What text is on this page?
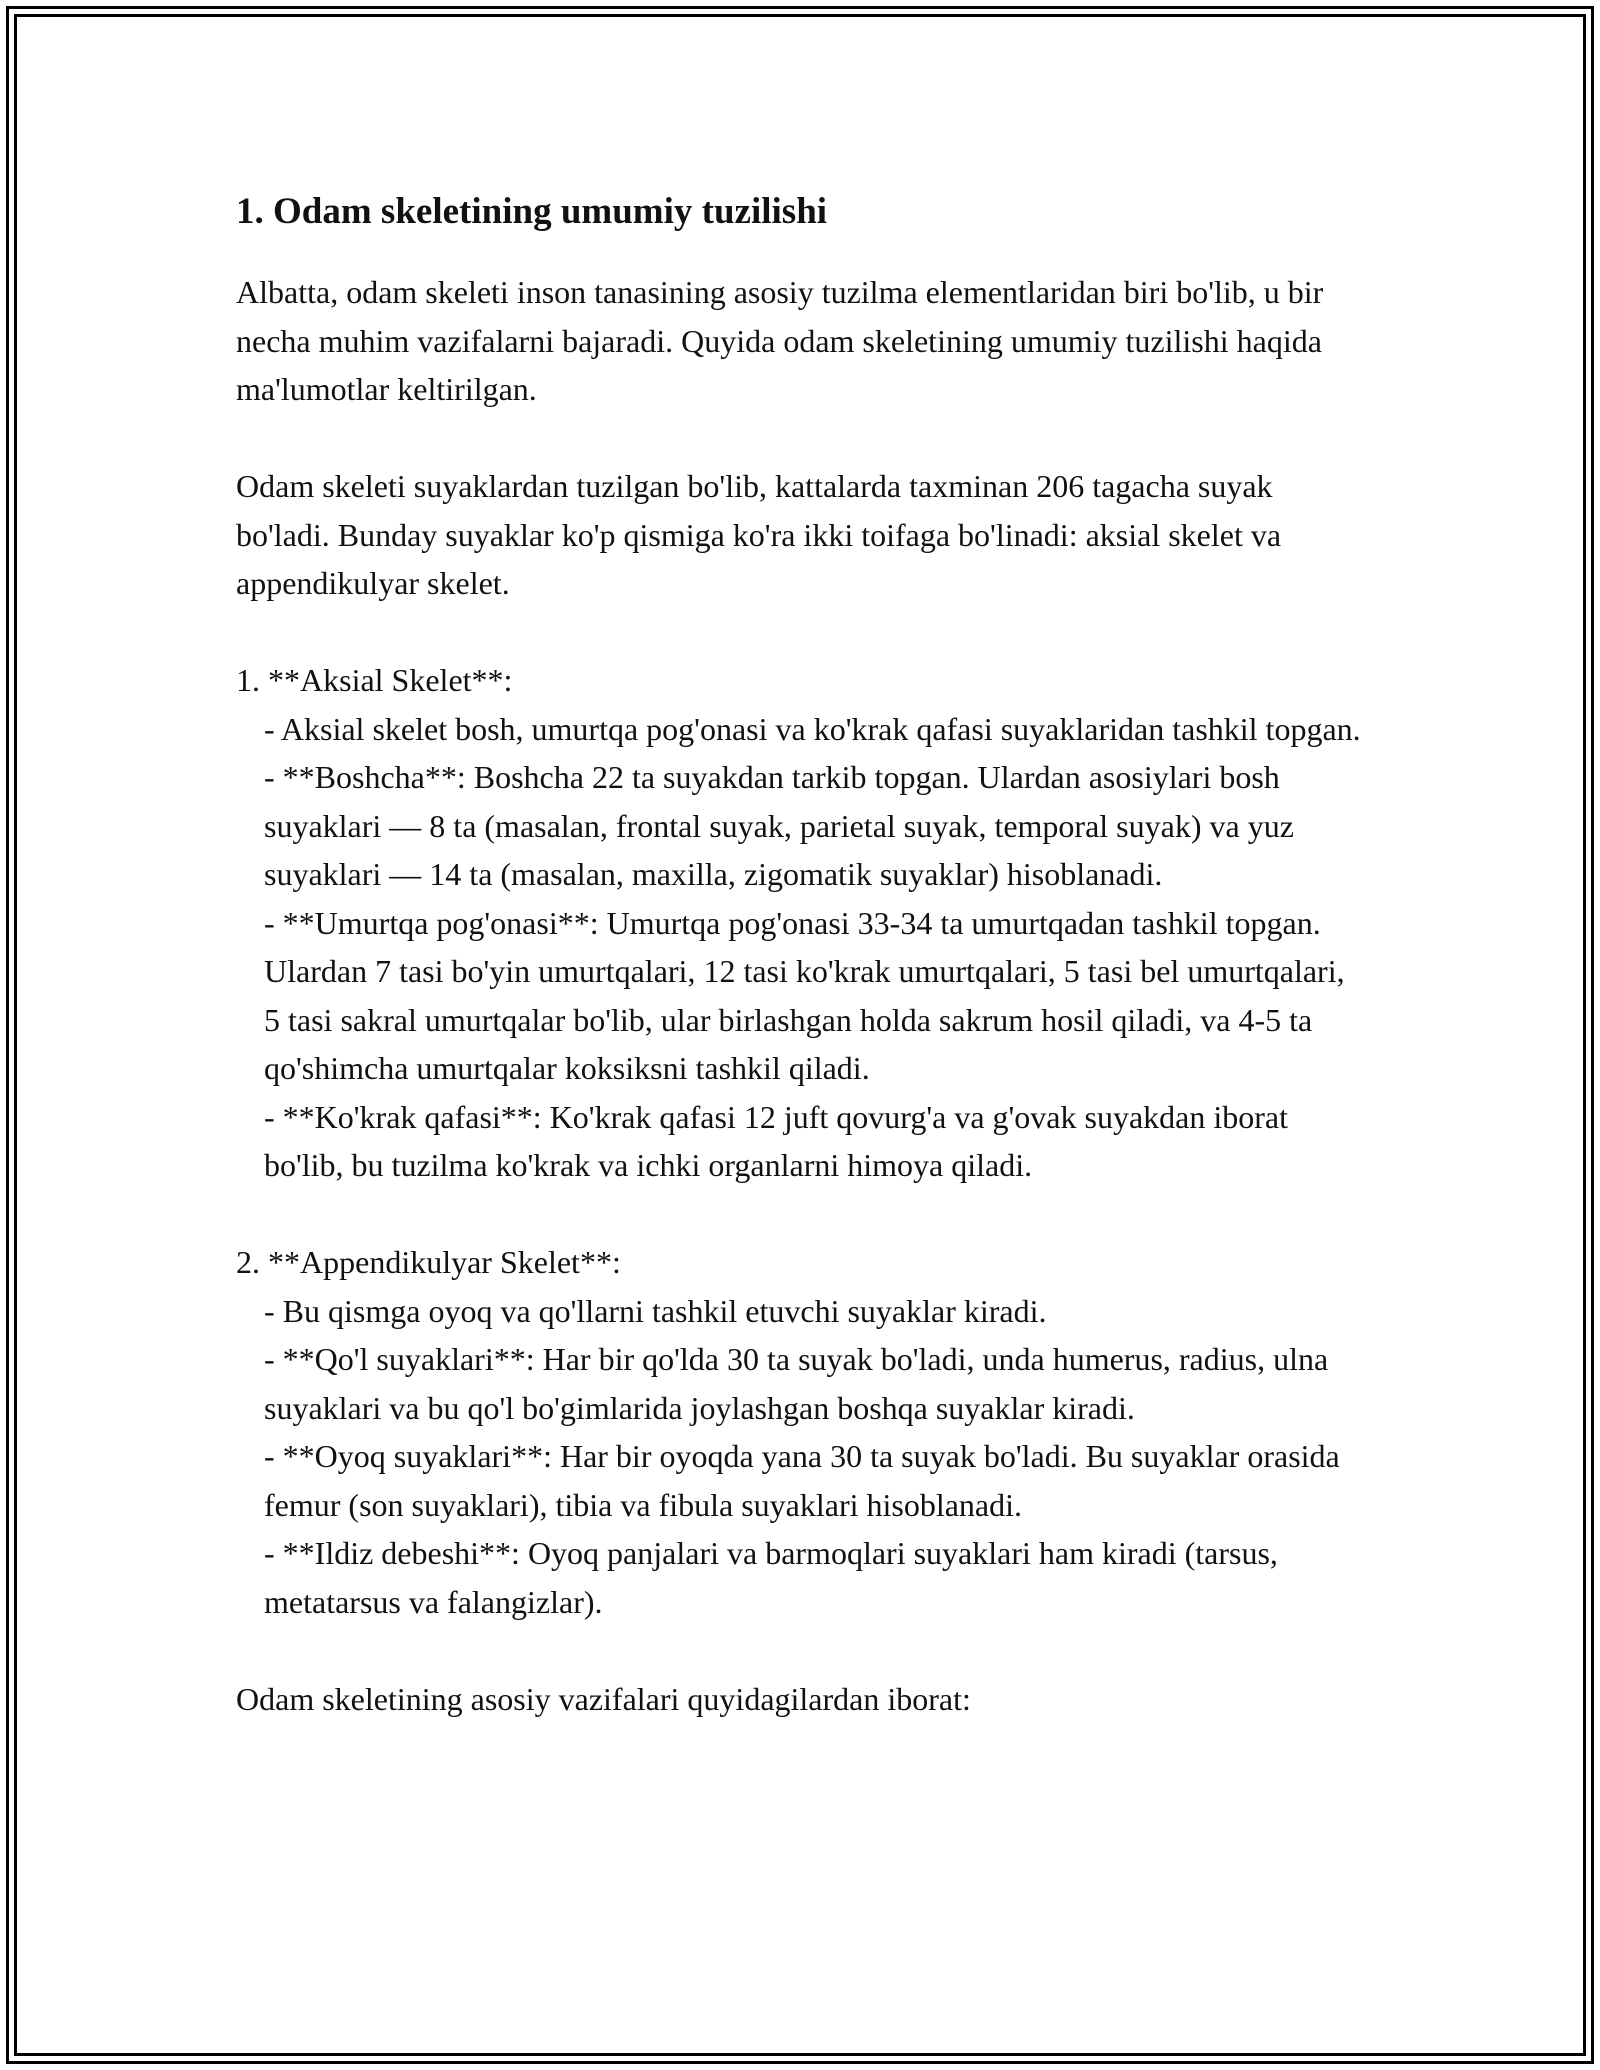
1. Odam skeletining umumiy tuzilishi

Albatta, odam skeleti inson tanasining asosiy tuzilma elementlaridan biri bo'lib, u bir necha muhim vazifalarni bajaradi. Quyida odam skeletining umumiy tuzilishi haqida ma'lumotlar keltirilgan.

Odam skeleti suyaklardan tuzilgan bo'lib, kattalarda taxminan 206 tagacha suyak bo'ladi. Bunday suyaklar ko'p qismiga ko'ra ikki toifaga bo'linadi: aksial skelet va appendikulyar skelet.

1. **Aksial Skelet**:

- Aksial skelet bosh, umurtqa pog'onasi va ko'krak qafasi suyaklaridan tashkil topgan.

- **Boshcha**: Boshcha 22 ta suyakdan tarkib topgan. Ulardan asosiylari bosh suyaklari — 8 ta (masalan, frontal suyak, parietal suyak, temporal suyak) va yuz suyaklari — 14 ta (masalan, maxilla, zigomatik suyaklar) hisoblanadi.

- **Umurtqa pog'onasi**: Umurtqa pog'onasi 33-34 ta umurtqadan tashkil topgan. Ulardan 7 tasi bo'yin umurtqalari, 12 tasi ko'krak umurtqalari, 5 tasi bel umurtqalari, 5 tasi sakral umurtqalar bo'lib, ular birlashgan holda sakrum hosil qiladi, va 4-5 ta qo'shimcha umurtqalar koksiksni tashkil qiladi.

- **Ko'krak qafasi**: Ko'krak qafasi 12 juft qovurg'a va g'ovak suyakdan iborat bo'lib, bu tuzilma ko'krak va ichki organlarni himoya qiladi.

2. **Appendikulyar Skelet**:

- Bu qismga oyoq va qo'llarni tashkil etuvchi suyaklar kiradi.

- **Qo'l suyaklari**: Har bir qo'lda 30 ta suyak bo'ladi, unda humerus, radius, ulna suyaklari va bu qo'l bo'gimlarida joylashgan boshqa suyaklar kiradi.

- **Oyoq suyaklari**: Har bir oyoqda yana 30 ta suyak bo'ladi. Bu suyaklar orasida femur (son suyaklari), tibia va fibula suyaklari hisoblanadi.

- **Ildiz debeshi**: Oyoq panjalari va barmoqlari suyaklari ham kiradi (tarsus, metatarsus va falangizlar).

Odam skeletining asosiy vazifalari quyidagilardan iborat:
